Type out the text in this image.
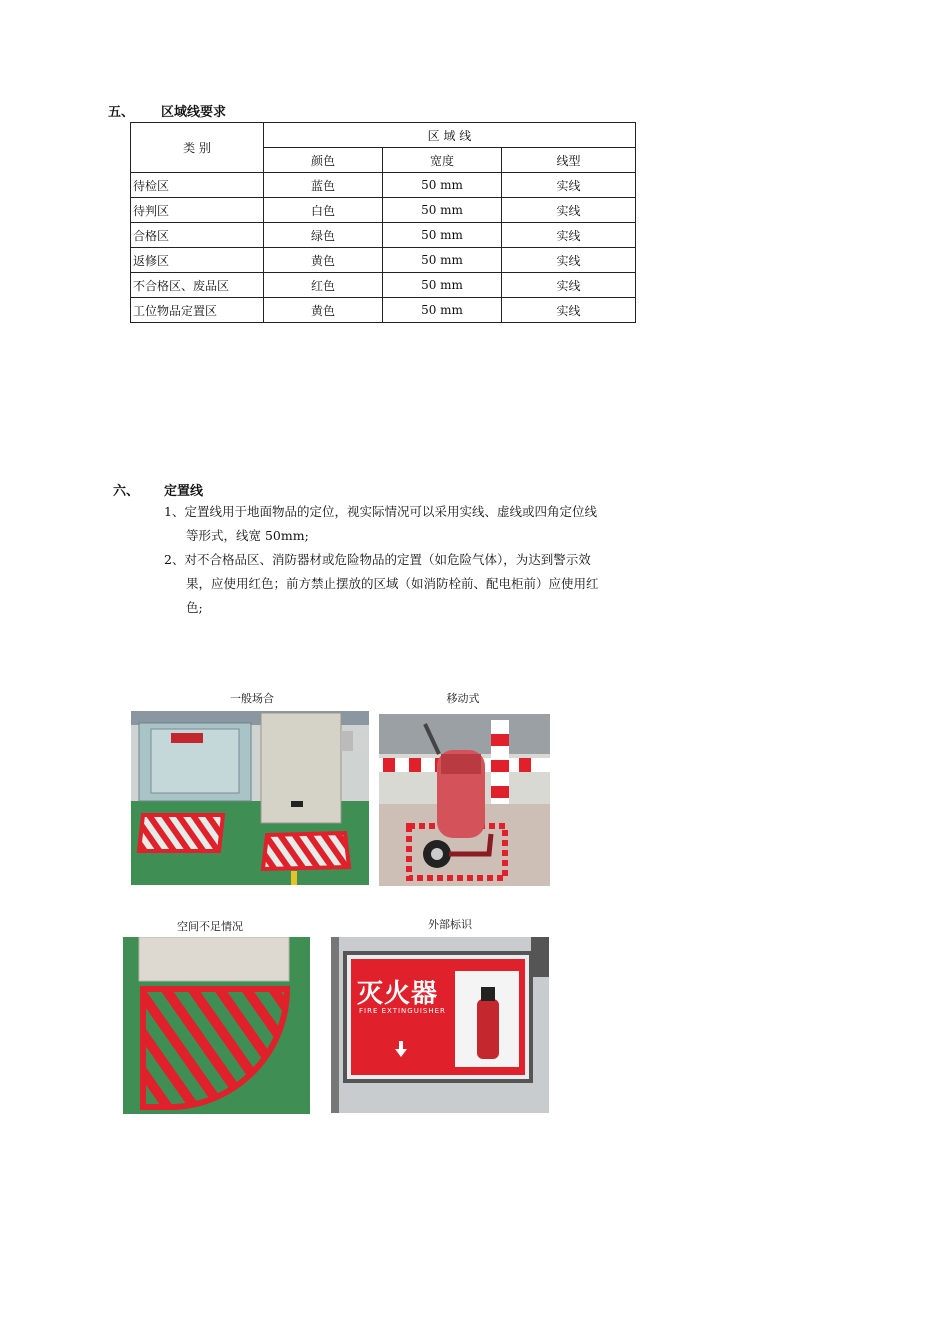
五、 区域线要求
类 别	区 域 线		
	颜色	宽度	线型
待检区	蓝色	50 mm	实线
待判区	白色	50 mm	实线
合格区	绿色	50 mm	实线
返修区	黄色	50 mm	实线
不合格区、废品区	红色	50 mm	实线
工位物品定置区	黄色	50 mm	实线
六、 定置线
1、定置线用于地面物品的定位，视实际情况可以采用实线、虚线或四角定位线
等形式，线宽 50mm;
2、对不合格品区、消防器材或危险物品的定置（如危险气体），为达到警示效
果，应使用红色；前方禁止摆放的区域（如消防栓前、配电柜前）应使用红
色;
一般场合	移动式
空间不足情况	外部标识
灭火器
FIRE EXTINGUISHER
